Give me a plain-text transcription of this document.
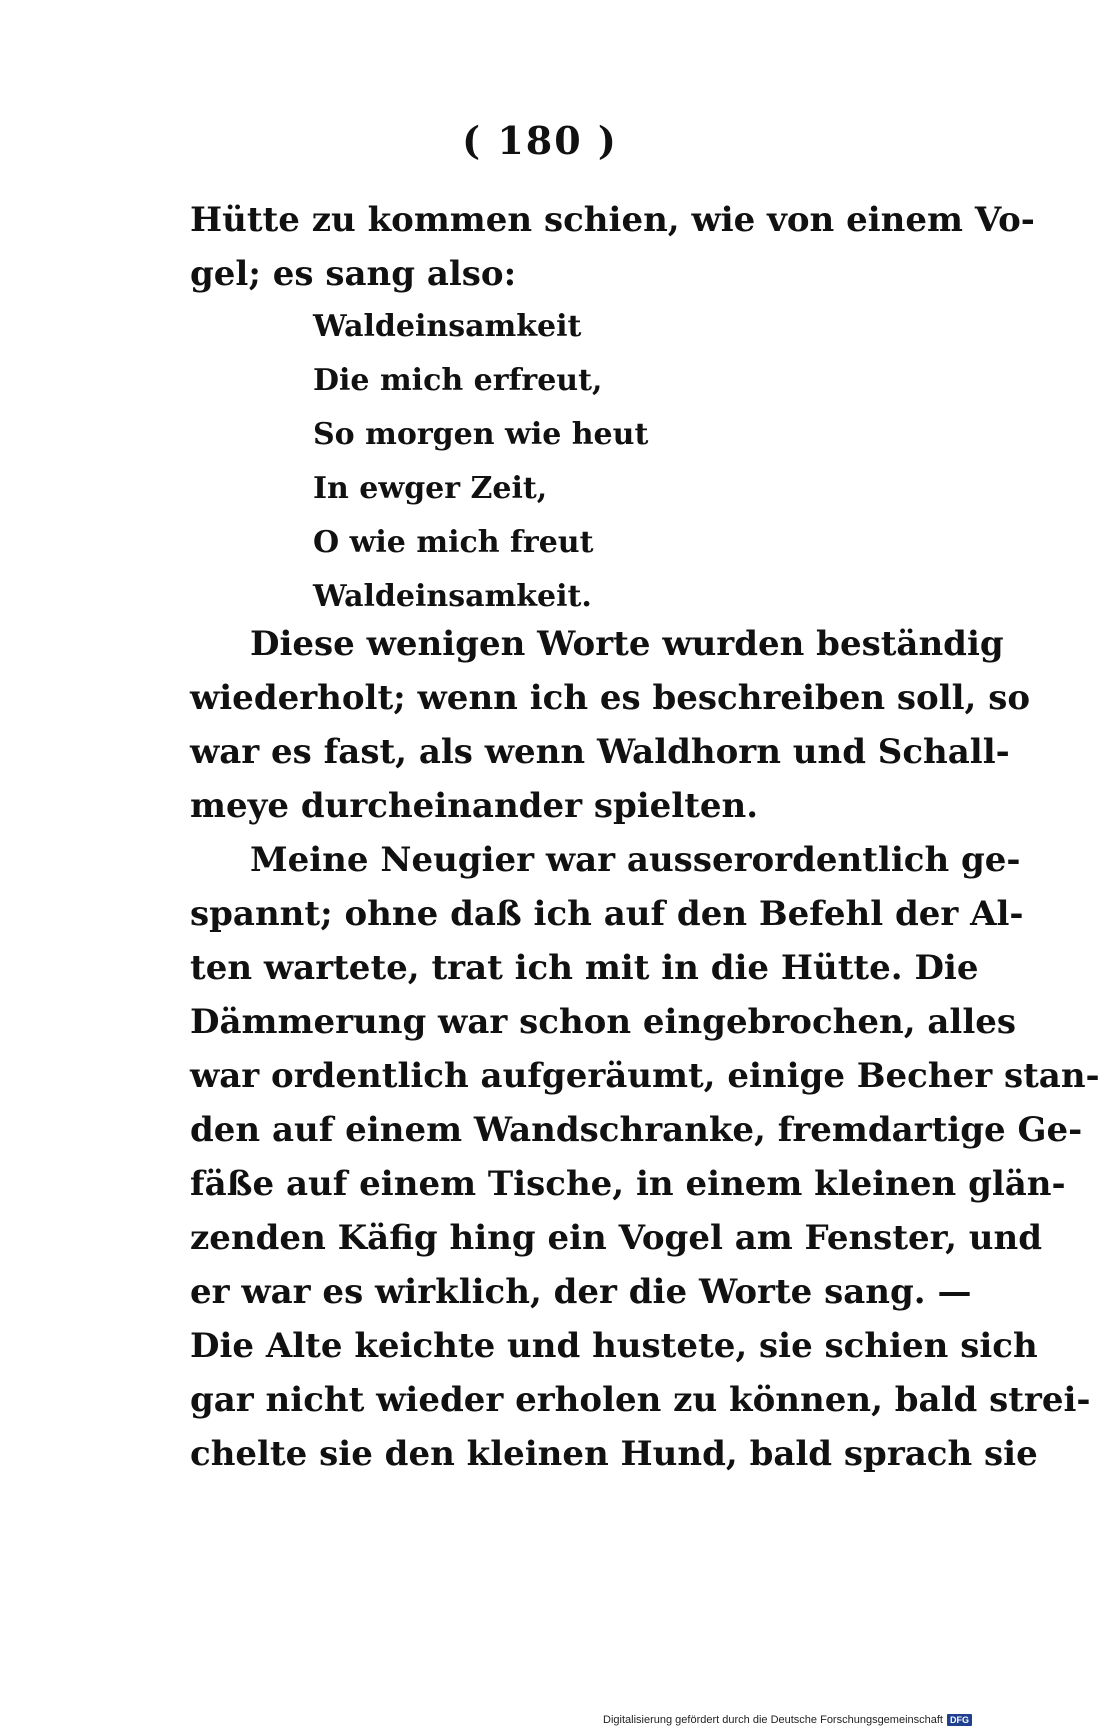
( 180 )
Hütte zu kommen schien, wie von einem Vo-
gel; es sang also:
Waldeinsamkeit
Die mich erfreut,
So morgen wie heut
In ewger Zeit,
O wie mich freut
Waldeinsamkeit.
Diese wenigen Worte wurden beständig
wiederholt; wenn ich es beschreiben soll, so
war es fast, als wenn Waldhorn und Schall-
meye durcheinander spielten.
Meine Neugier war ausserordentlich ge-
spannt; ohne daß ich auf den Befehl der Al-
ten wartete, trat ich mit in die Hütte. Die
Dämmerung war schon eingebrochen, alles
war ordentlich aufgeräumt, einige Becher stan-
den auf einem Wandschranke, fremdartige Ge-
fäße auf einem Tische, in einem kleinen glän-
zenden Käfig hing ein Vogel am Fenster, und
er war es wirklich, der die Worte sang. —
Die Alte keichte und hustete, sie schien sich
gar nicht wieder erholen zu können, bald strei-
chelte sie den kleinen Hund, bald sprach sie
Digitalisierung gefördert durch die Deutsche Forschungsgemeinschaft DFG
